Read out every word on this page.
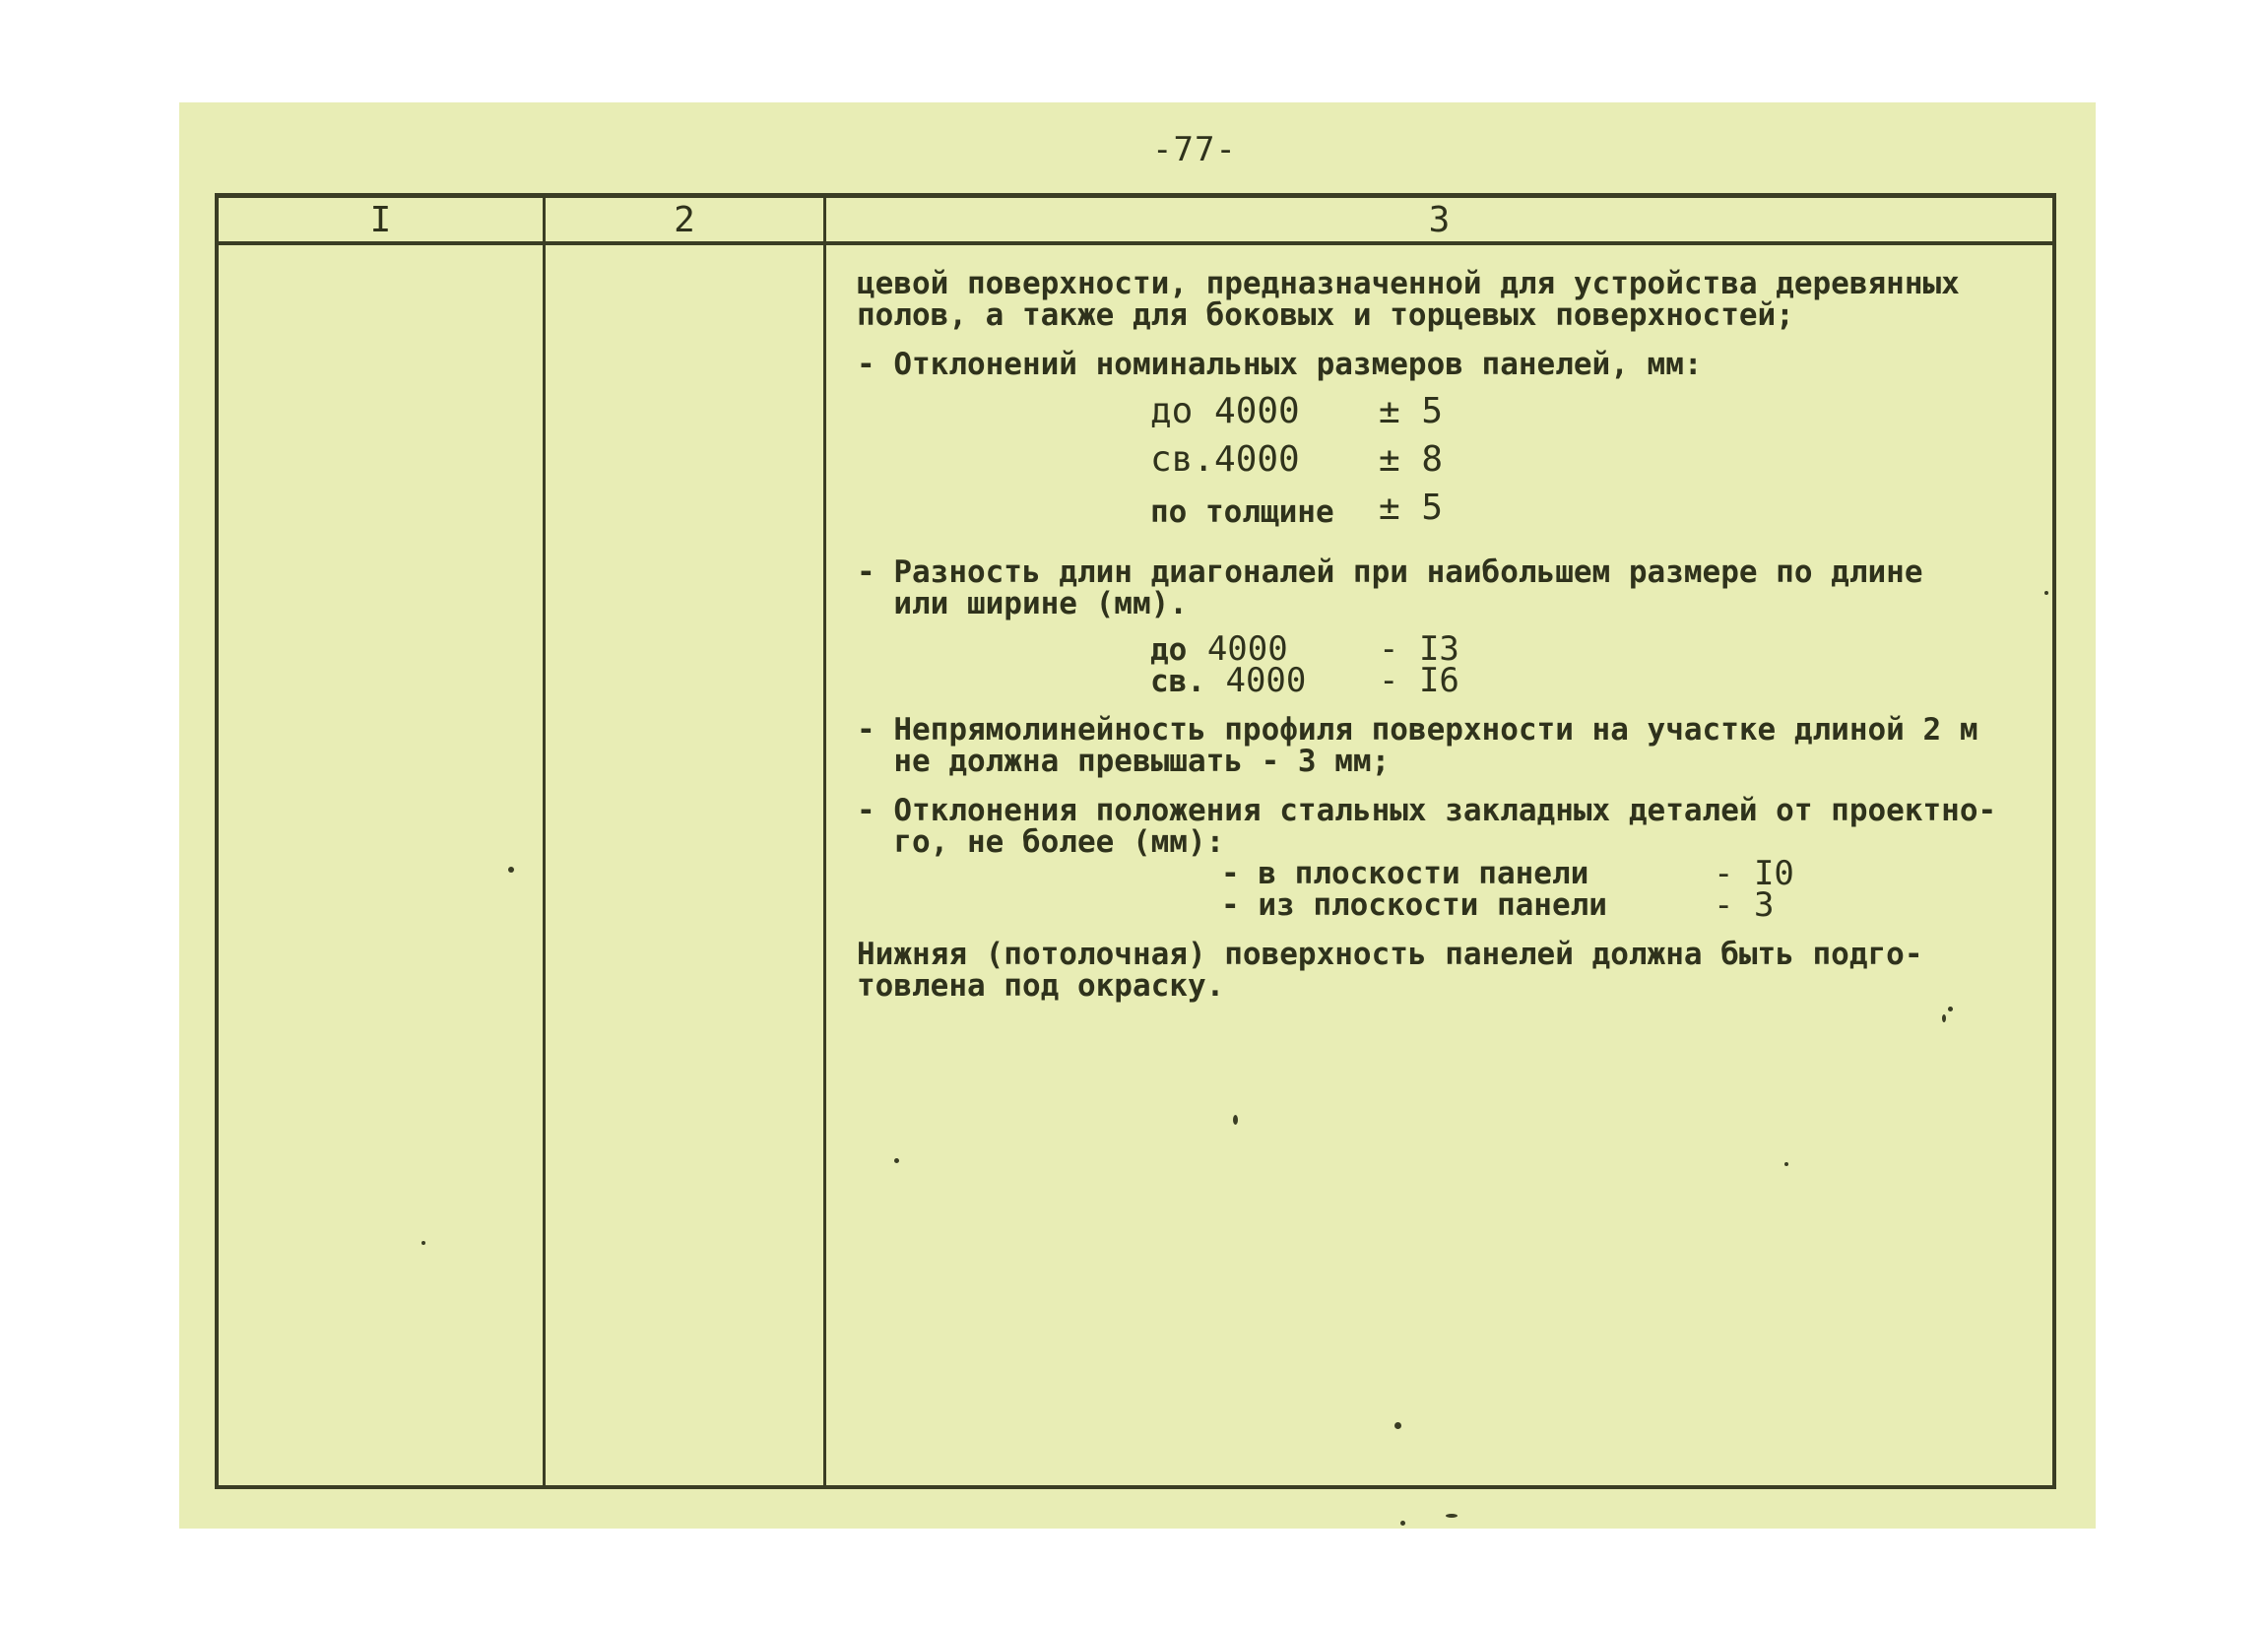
-77-
I	2	3
цевой поверхности, предназначенной для устройства деревянных
полов, а также для боковых и торцевых поверхностей;
- Отклонений номинальных размеров панелей, мм:
до 4000 ± 5
св.4000 ± 8
по толщине ± 5
- Разность длин диагоналей при наибольшем размере по длине
или ширине (мм).
до 4000	- I3
св. 4000 - I6
- Непрямолинейность профиля поверхности на участке длиной 2 м
не должна превышать - 3 мм;
- Отклонения положения стальных закладных деталей от проектно-
го, не более (мм):
- в плоскости панели	- I0
- из плоскости панели	- 3
Нижняя (потолочная) поверхность панелей должна быть подго-
товлена под окраску.
